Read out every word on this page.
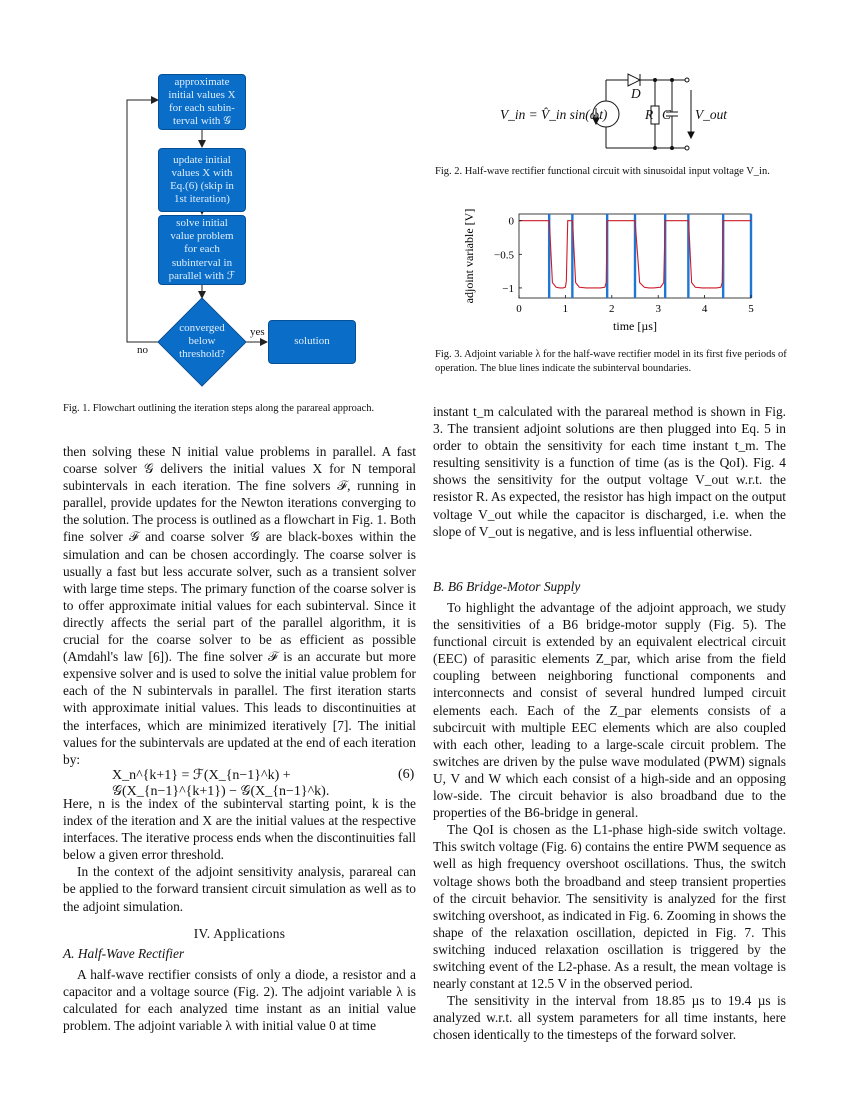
approximate
initial values X
for each subin-
terval with 𝒢
update initial
values X with
Eq.(6) (skip in
1st iteration)
solve initial
value problem
for each
subinterval in
parallel with ℱ
converged
below
threshold?
solution
yes
no
Fig. 1. Flowchart outlining the iteration steps along the parareal approach.
V_in = V̂_in sin(ωt)
D
R C V_out
Fig. 2. Half-wave rectifier functional circuit with sinusoidal input voltage V_in.
0	1	2	3	4	5
0
−0.5
−1
time [µs]
adjoint variable [V]
Fig. 3. Adjoint variable λ for the half-wave rectifier model in its first five periods of operation. The blue lines indicate the subinterval boundaries.

then solving these N initial value problems in parallel. A fast coarse solver 𝒢 delivers the initial values X for N temporal subintervals in each iteration. The fine solvers ℱ, running in parallel, provide updates for the Newton iterations converging to the solution. The process is outlined as a flowchart in Fig. 1. Both fine solver ℱ and coarse solver 𝒢 are black-boxes within the simulation and can be chosen accordingly. The coarse solver is usually a fast but less accurate solver, such as a transient solver with large time steps. The primary function of the coarse solver is to offer approximate initial values for each subinterval. Since it directly affects the serial part of the parallel algorithm, it is crucial for the coarse solver to be as efficient as possible (Amdahl's law [6]). The fine solver ℱ is an accurate but more expensive solver and is used to solve the initial value problem for each of the N subintervals in parallel. The first iteration starts with approximate initial values. This leads to discontinuities at the interfaces, which are minimized iteratively [7]. The initial values for the subintervals are updated at the end of each iteration by:

X_n^{k+1} = ℱ(X_{n−1}^k) + 𝒢(X_{n−1}^{k+1}) − 𝒢(X_{n−1}^k).
(6)

Here, n is the index of the subinterval starting point, k is the index of the iteration and X are the initial values at the respective interfaces. The iterative process ends when the discontinuities fall below a given error threshold.

In the context of the adjoint sensitivity analysis, parareal can be applied to the forward transient circuit simulation as well as to the adjoint simulation.

IV. Applications
A. Half-Wave Rectifier

A half-wave rectifier consists of only a diode, a resistor and a capacitor and a voltage source (Fig. 2). The adjoint variable λ is calculated for each analyzed time instant as an initial value problem. The adjoint variable λ with initial value 0 at time

instant t_m calculated with the parareal method is shown in Fig. 3. The transient adjoint solutions are then plugged into Eq. 5 in order to obtain the sensitivity for each time instant t_m. The resulting sensitivity is a function of time (as is the QoI). Fig. 4 shows the sensitivity for the output voltage V_out w.r.t. the resistor R. As expected, the resistor has high impact on the output voltage V_out while the capacitor is discharged, i.e. when the slope of V_out is negative, and is less influential otherwise.

B. B6 Bridge-Motor Supply

To highlight the advantage of the adjoint approach, we study the sensitivities of a B6 bridge-motor supply (Fig. 5). The functional circuit is extended by an equivalent electrical circuit (EEC) of parasitic elements Z_par, which arise from the field coupling between neighboring functional components and interconnects and consist of several hundred lumped circuit elements each. Each of the Z_par elements consists of a subcircuit with multiple EEC elements which are also coupled with each other, leading to a large-scale circuit problem. The switches are driven by the pulse wave modulated (PWM) signals U, V and W which each consist of a high-side and an opposing low-side. The circuit behavior is also broadband due to the properties of the B6-bridge in general.

The QoI is chosen as the L1-phase high-side switch voltage. This switch voltage (Fig. 6) contains the entire PWM sequence as well as high frequency overshoot oscillations. Thus, the switch voltage shows both the broadband and steep transient properties of the circuit behavior. The sensitivity is analyzed for the first switching overshoot, as indicated in Fig. 6. Zooming in shows the shape of the relaxation oscillation, depicted in Fig. 7. This switching induced relaxation oscillation is triggered by the switching event of the L2-phase. As a result, the mean voltage is nearly constant at 12.5 V in the observed period.

The sensitivity in the interval from 18.85 µs to 19.4 µs is analyzed w.r.t. all system parameters for all time instants, here chosen identically to the timesteps of the forward solver.
